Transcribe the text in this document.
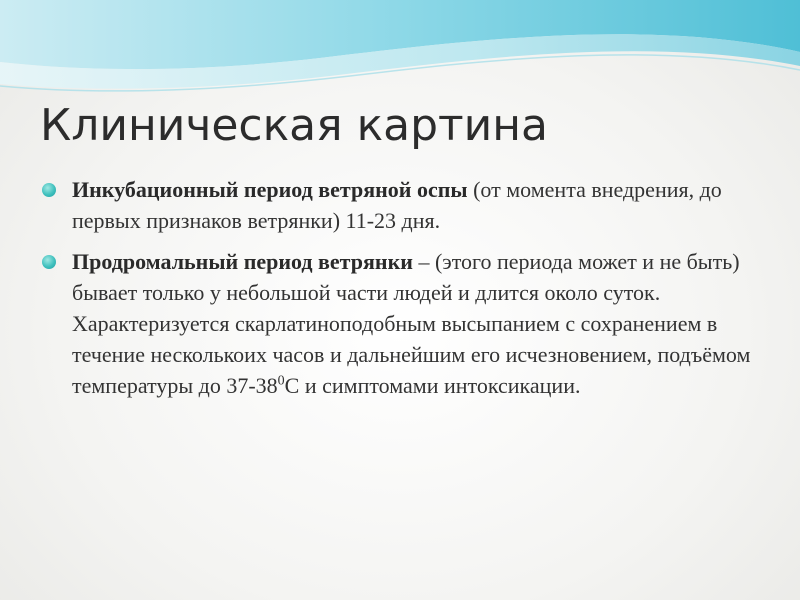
Клиническая картина
Инкубационный период ветряной оспы (от момента внедрения, до первых признаков ветрянки) 11-23 дня.
Продромальный период ветрянки – (этого периода может и не быть) бывает только у небольшой части людей и длится около суток. Характеризуется скарлатиноподобным высыпанием с сохранением в течение несколькоих часов и дальнейшим его исчезновением, подъёмом температуры до $37-38^0С$ и симптомами интоксикации.
